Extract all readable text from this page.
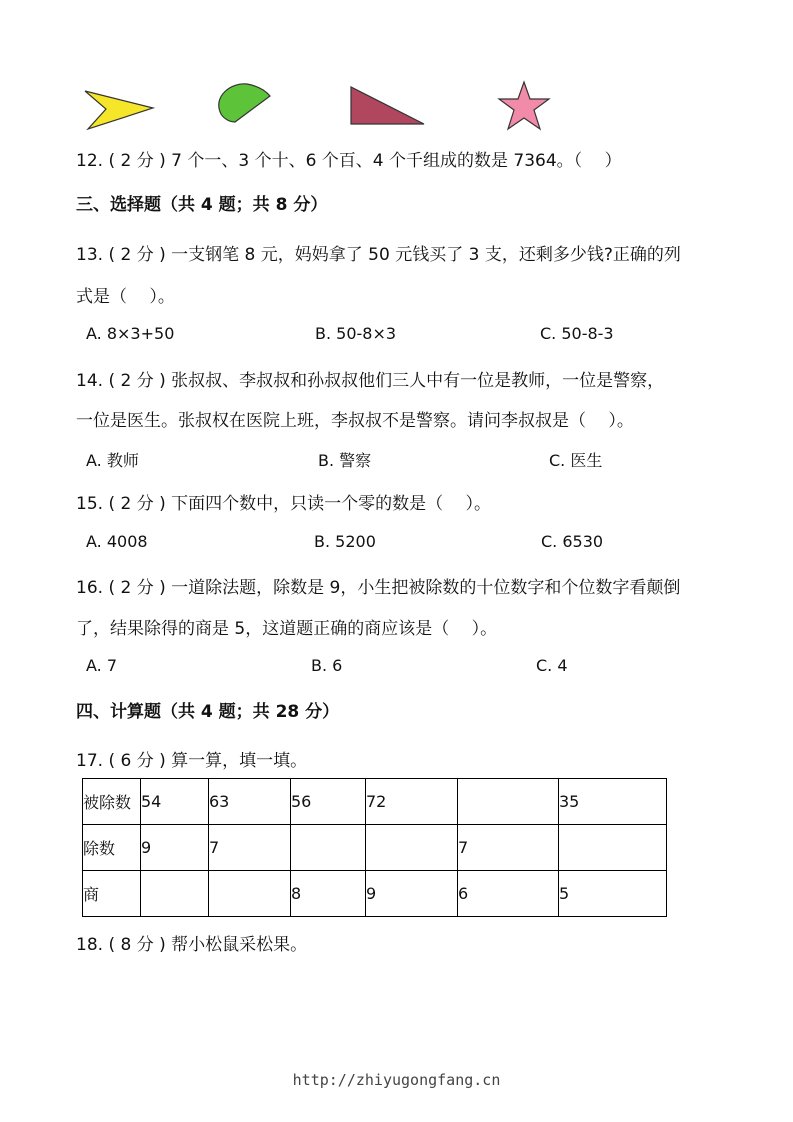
12. ( 2 分 ) 7 个一、3 个十、6 个百、4 个千组成的数是 7364。（　 ）
三、选择题（共 4 题；共 8 分）
13. ( 2 分 ) 一支钢笔 8 元，妈妈拿了 50 元钱买了 3 支，还剩多少钱?正确的列
式是（　 ）。
A. 8×3+50	B. 50-8×3	C. 50-8-3
14. ( 2 分 ) 张叔叔、李叔叔和孙叔叔他们三人中有一位是教师，一位是警察，
一位是医生。张叔权在医院上班，李叔叔不是警察。请问李叔叔是（　 ）。
A. 教师	B. 警察	C. 医生
15. ( 2 分 ) 下面四个数中，只读一个零的数是（　 ）。
A. 4008	B. 5200	C. 6530
16. ( 2 分 ) 一道除法题，除数是 9，小生把被除数的十位数字和个位数字看颠倒
了，结果除得的商是 5，这道题正确的商应该是（　 ）。
A. 7	B. 6	C. 4
四、计算题（共 4 题；共 28 分）
17. ( 6 分 ) 算一算，填一填。
被除数	54	63	56	72		35
除数	9	7			7	
商			8	9	6	5
18. ( 8 分 ) 帮小松鼠采松果。
http://zhiyugongfang.cn
